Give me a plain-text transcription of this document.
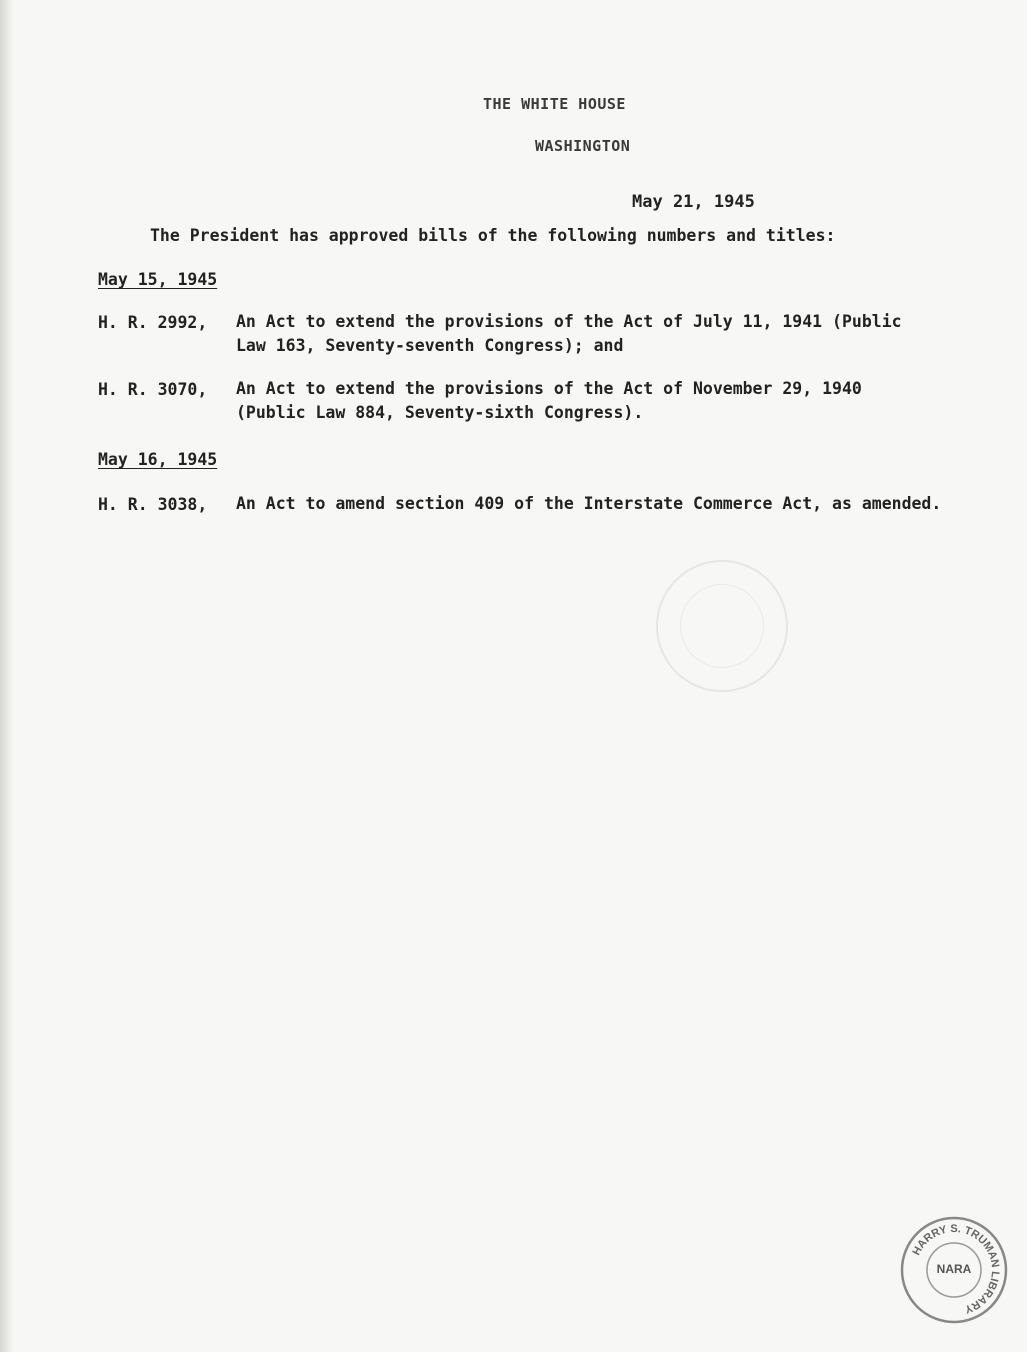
THE WHITE HOUSE
WASHINGTON
May 21, 1945
The President has approved bills of the following numbers and titles:
May 15, 1945
H. R. 2992, An Act to extend the provisions of the Act of July 11, 1941 (Public
Law 163, Seventy-seventh Congress); and
H. R. 3070, An Act to extend the provisions of the Act of November 29, 1940
(Public Law 884, Seventy-sixth Congress).
May 16, 1945
H. R. 3038, An Act to amend section 409 of the Interstate Commerce Act, as amended.
HARRY S. TRUMAN LIBRARY
NARA
